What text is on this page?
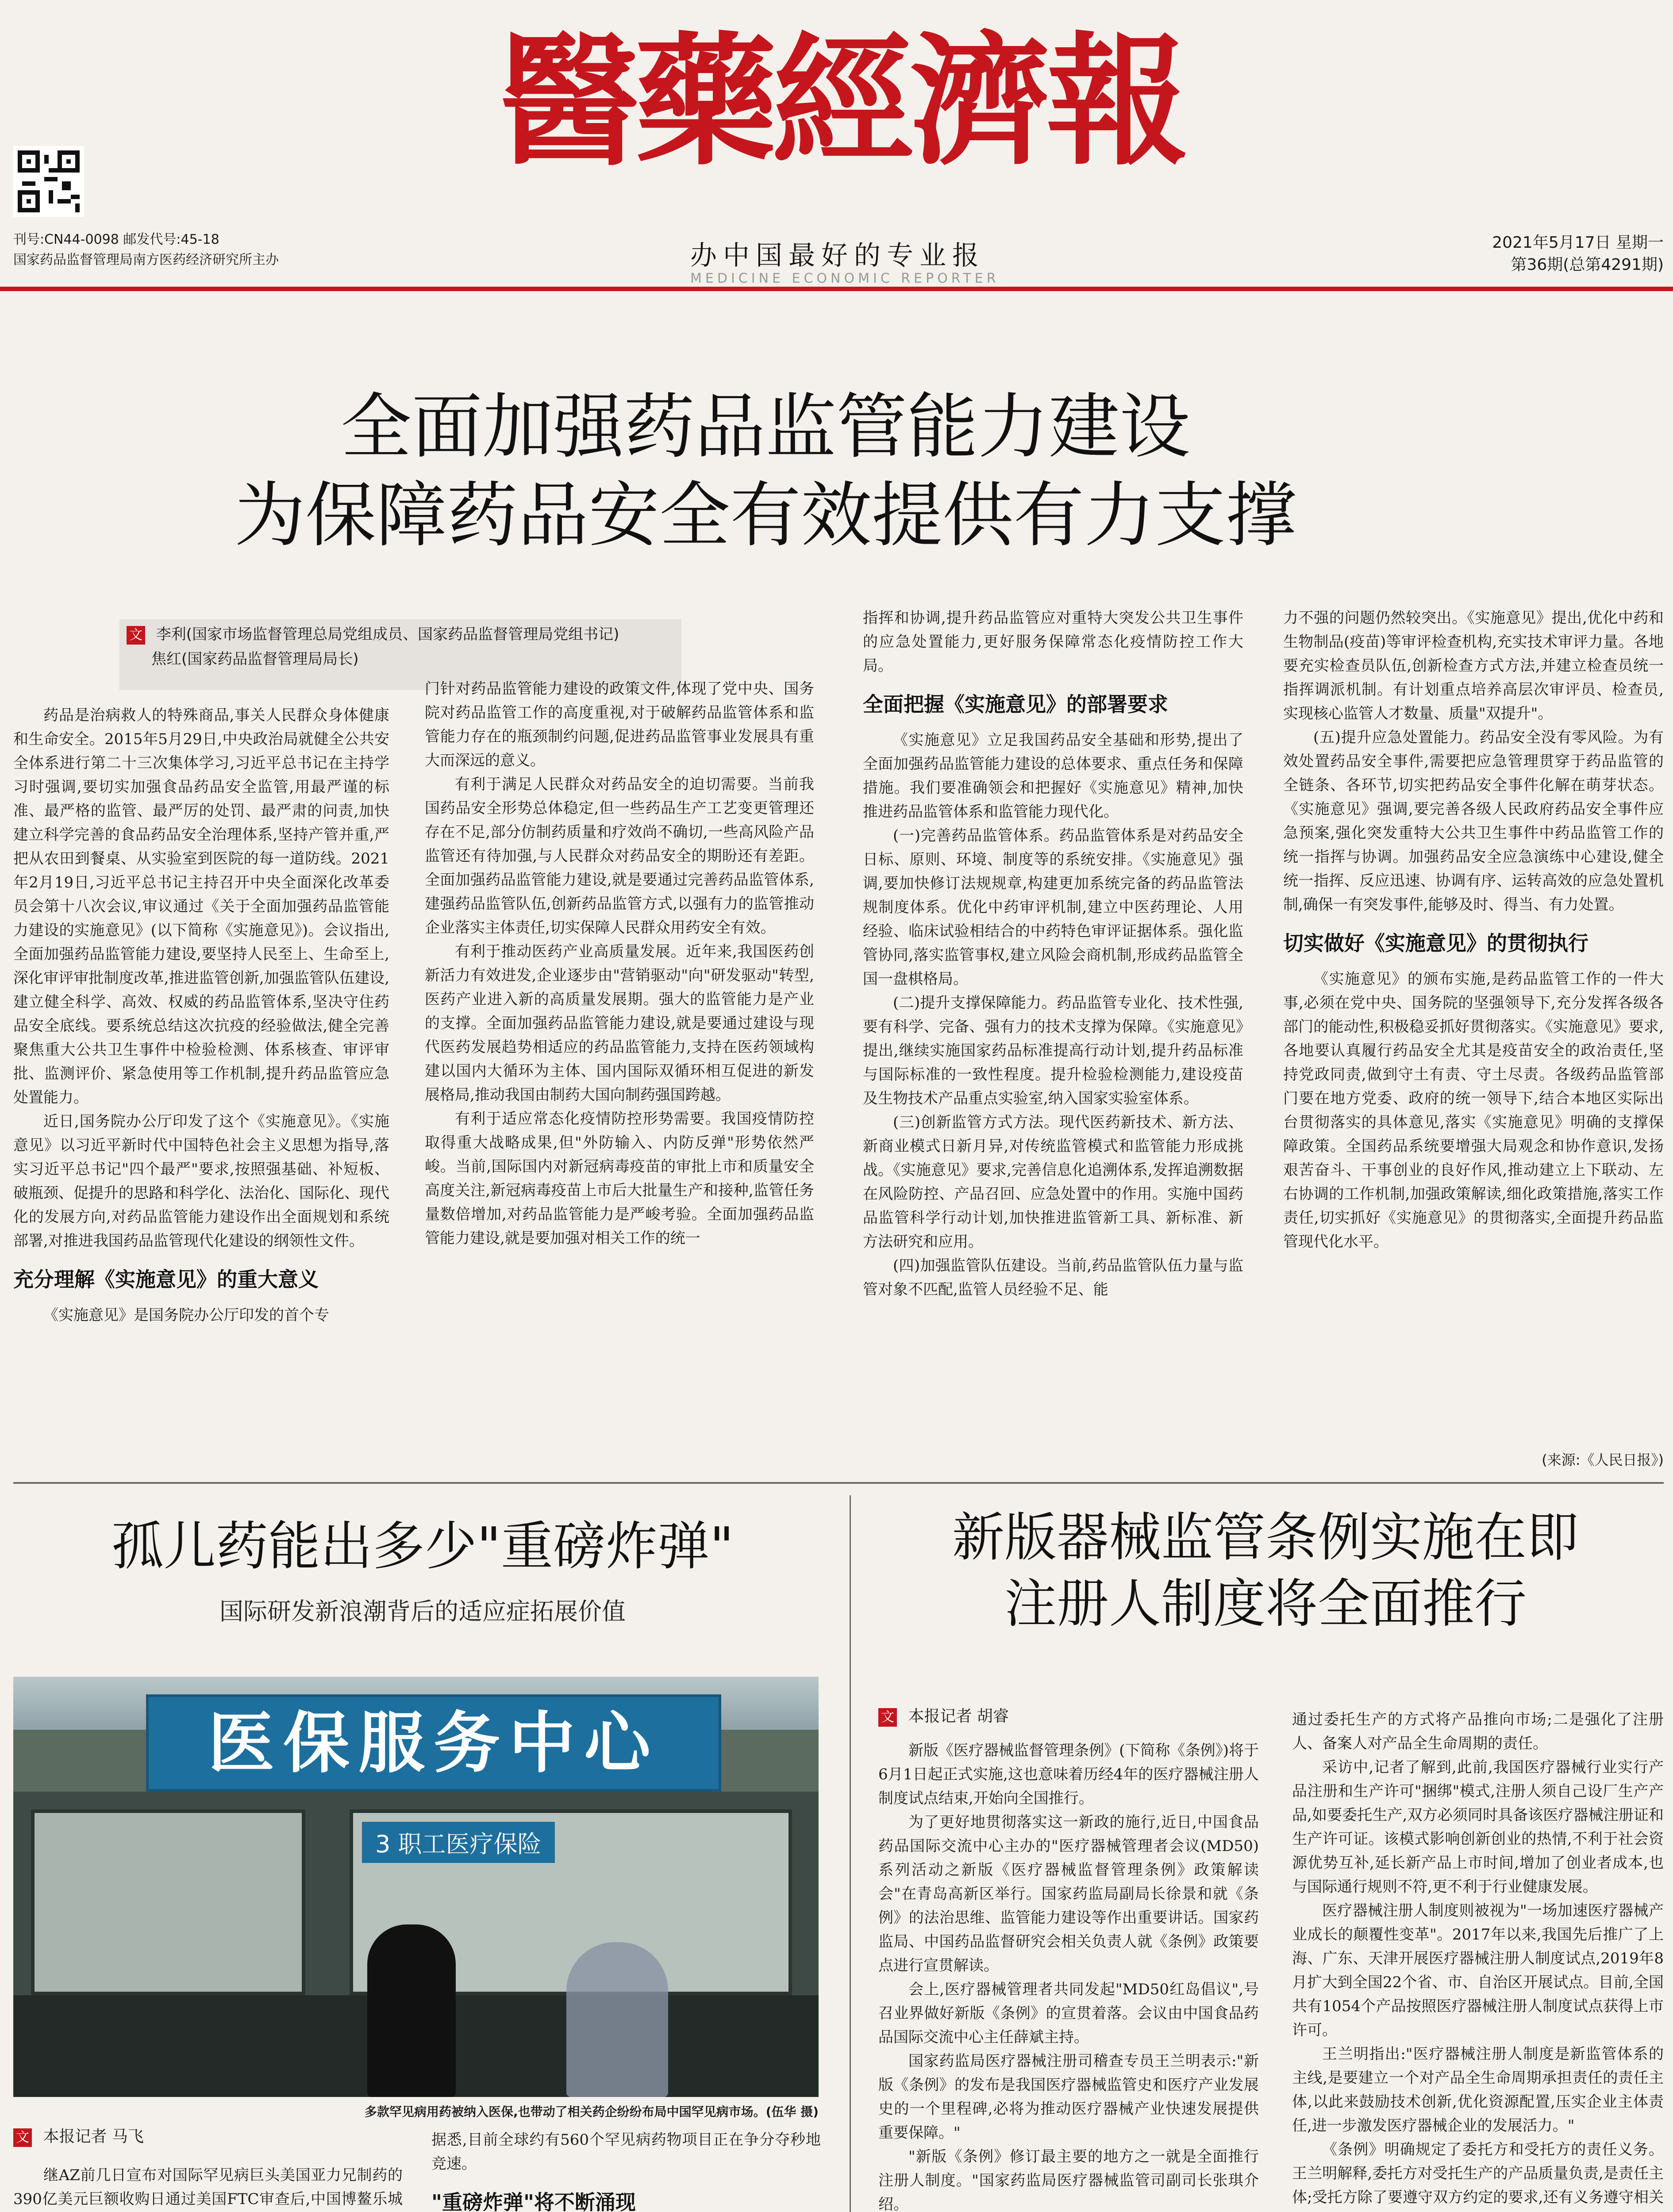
刊号:CN44-0098 邮发代号:45-18
国家药品监督管理局南方医药经济研究所主办
醫藥經濟報
办中国最好的专业报
MEDICINE ECONOMIC REPORTER
2021年5月17日 星期一
第36期(总第4291期)
全面加强药品监管能力建设
为保障药品安全有效提供有力支撑
文 李利(国家市场监督管理总局党组成员、国家药品监督管理局党组书记)
焦红(国家药品监督管理局局长)

药品是治病救人的特殊商品,事关人民群众身体健康和生命安全。2015年5月29日,中央政治局就健全公共安全体系进行第二十三次集体学习,习近平总书记在主持学习时强调,要切实加强食品药品安全监管,用最严谨的标准、最严格的监管、最严厉的处罚、最严肃的问责,加快建立科学完善的食品药品安全治理体系,坚持产管并重,严把从农田到餐桌、从实验室到医院的每一道防线。2021年2月19日,习近平总书记主持召开中央全面深化改革委员会第十八次会议,审议通过《关于全面加强药品监管能力建设的实施意见》(以下简称《实施意见》)。会议指出,全面加强药品监管能力建设,要坚持人民至上、生命至上,深化审评审批制度改革,推进监管创新,加强监管队伍建设,建立健全科学、高效、权威的药品监管体系,坚决守住药品安全底线。要系统总结这次抗疫的经验做法,健全完善聚焦重大公共卫生事件中检验检测、体系核查、审评审批、监测评价、紧急使用等工作机制,提升药品监管应急处置能力。

近日,国务院办公厅印发了这个《实施意见》。《实施意见》以习近平新时代中国特色社会主义思想为指导,落实习近平总书记"四个最严"要求,按照强基础、补短板、破瓶颈、促提升的思路和科学化、法治化、国际化、现代化的发展方向,对药品监管能力建设作出全面规划和系统部署,对推进我国药品监管现代化建设的纲领性文件。

充分理解《实施意见》的重大意义

《实施意见》是国务院办公厅印发的首个专

门针对药品监管能力建设的政策文件,体现了党中央、国务院对药品监管工作的高度重视,对于破解药品监管体系和监管能力存在的瓶颈制约问题,促进药品监管事业发展具有重大而深远的意义。

有利于满足人民群众对药品安全的迫切需要。当前我国药品安全形势总体稳定,但一些药品生产工艺变更管理还存在不足,部分仿制药质量和疗效尚不确切,一些高风险产品监管还有待加强,与人民群众对药品安全的期盼还有差距。全面加强药品监管能力建设,就是要通过完善药品监管体系,建强药品监管队伍,创新药品监管方式,以强有力的监管推动企业落实主体责任,切实保障人民群众用药安全有效。

有利于推动医药产业高质量发展。近年来,我国医药创新活力有效进发,企业逐步由"营销驱动"向"研发驱动"转型,医药产业进入新的高质量发展期。强大的监管能力是产业的支撑。全面加强药品监管能力建设,就是要通过建设与现代医药发展趋势相适应的药品监管能力,支持在医药领域构建以国内大循环为主体、国内国际双循环相互促进的新发展格局,推动我国由制药大国向制药强国跨越。

有利于适应常态化疫情防控形势需要。我国疫情防控取得重大战略成果,但"外防输入、内防反弹"形势依然严峻。当前,国际国内对新冠病毒疫苗的审批上市和质量安全高度关注,新冠病毒疫苗上市后大批量生产和接种,监管任务量数倍增加,对药品监管能力是严峻考验。全面加强药品监管能力建设,就是要加强对相关工作的统一

指挥和协调,提升药品监管应对重特大突发公共卫生事件的应急处置能力,更好服务保障常态化疫情防控工作大局。

全面把握《实施意见》的部署要求

《实施意见》立足我国药品安全基础和形势,提出了全面加强药品监管能力建设的总体要求、重点任务和保障措施。我们要准确领会和把握好《实施意见》精神,加快推进药品监管体系和监管能力现代化。

(一)完善药品监管体系。药品监管体系是对药品安全日标、原则、环境、制度等的系统安排。《实施意见》强调,要加快修订法规规章,构建更加系统完备的药品监管法规制度体系。优化中药审评机制,建立中医药理论、人用经验、临床试验相结合的中药特色审评证据体系。强化监管协同,落实监管事权,建立风险会商机制,形成药品监管全国一盘棋格局。

(二)提升支撑保障能力。药品监管专业化、技术性强,要有科学、完备、强有力的技术支撑为保障。《实施意见》提出,继续实施国家药品标准提高行动计划,提升药品标准与国际标准的一致性程度。提升检验检测能力,建设疫苗及生物技术产品重点实验室,纳入国家实验室体系。

(三)创新监管方式方法。现代医药新技术、新方法、新商业模式日新月异,对传统监管模式和监管能力形成挑战。《实施意见》要求,完善信息化追溯体系,发挥追溯数据在风险防控、产品召回、应急处置中的作用。实施中国药品监管科学行动计划,加快推进监管新工具、新标准、新方法研究和应用。

(四)加强监管队伍建设。当前,药品监管队伍力量与监管对象不匹配,监管人员经验不足、能

力不强的问题仍然较突出。《实施意见》提出,优化中药和生物制品(疫苗)等审评检查机构,充实技术审评力量。各地要充实检查员队伍,创新检查方式方法,并建立检查员统一指挥调派机制。有计划重点培养高层次审评员、检查员,实现核心监管人才数量、质量"双提升"。

(五)提升应急处置能力。药品安全没有零风险。为有效处置药品安全事件,需要把应急管理贯穿于药品监管的全链条、各环节,切实把药品安全事件化解在萌芽状态。《实施意见》强调,要完善各级人民政府药品安全事件应急预案,强化突发重特大公共卫生事件中药品监管工作的统一指挥与协调。加强药品安全应急演练中心建设,健全统一指挥、反应迅速、协调有序、运转高效的应急处置机制,确保一有突发事件,能够及时、得当、有力处置。

切实做好《实施意见》的贯彻执行

《实施意见》的颁布实施,是药品监管工作的一件大事,必须在党中央、国务院的坚强领导下,充分发挥各级各部门的能动性,积极稳妥抓好贯彻落实。《实施意见》要求,各地要认真履行药品安全尤其是疫苗安全的政治责任,坚持党政同责,做到守土有责、守土尽责。各级药品监管部门要在地方党委、政府的统一领导下,结合本地区实际出台贯彻落实的具体意见,落实《实施意见》明确的支撑保障政策。全国药品系统要增强大局观念和协作意识,发扬艰苦奋斗、干事创业的良好作风,推动建立上下联动、左右协调的工作机制,加强政策解读,细化政策措施,落实工作责任,切实抓好《实施意见》的贯彻落实,全面提升药品监管现代化水平。

(来源:《人民日报》)
孤儿药能出多少"重磅炸弹"
国际研发新浪潮背后的适应症拓展价值
医保服务中心
3 职工医疗保险
多款罕见病用药被纳入医保,也带动了相关药企纷纷布局中国罕见病市场。(伍华 摄)
文 本报记者 马飞

继AZ前几日宣布对国际罕见病巨头美国亚力兄制药的390亿美元巨额收购日通过美国FTC审查后,中国博鳌乐城

据悉,目前全球约有560个罕见病药物项目正在争分夺秒地竞速。

"重磅炸弹"将不断涌现

新版器械监管条例实施在即
注册人制度将全面推行
文 本报记者 胡睿

新版《医疗器械监督管理条例》(下简称《条例》)将于6月1日起正式实施,这也意味着历经4年的医疗器械注册人制度试点结束,开始向全国推行。

为了更好地贯彻落实这一新政的施行,近日,中国食品药品国际交流中心主办的"医疗器械管理者会议(MD50)系列活动之新版《医疗器械监督管理条例》政策解读会"在青岛高新区举行。国家药监局副局长徐景和就《条例》的法治思维、监管能力建设等作出重要讲话。国家药监局、中国药品监督研究会相关负责人就《条例》政策要点进行宣贯解读。

会上,医疗器械管理者共同发起"MD50红岛倡议",号召业界做好新版《条例》的宣贯着落。会议由中国食品药品国际交流中心主任薛斌主持。

国家药监局医疗器械注册司稽查专员王兰明表示:"新版《条例》的发布是我国医疗器械监管史和医疗产业发展史的一个里程碑,必将为推动医疗器械产业快速发展提供重要保障。"

"新版《条例》修订最主要的地方之一就是全面推行注册人制度。"国家药监局医疗器械监管司副司长张琪介绍。

通过委托生产的方式将产品推向市场;二是强化了注册人、备案人对产品全生命周期的责任。

采访中,记者了解到,此前,我国医疗器械行业实行产品注册和生产许可"捆绑"模式,注册人须自己设厂生产产品,如要委托生产,双方必须同时具备该医疗器械注册证和生产许可证。该模式影响创新创业的热情,不利于社会资源优势互补,延长新产品上市时间,增加了创业者成本,也与国际通行规则不符,更不利于行业健康发展。

医疗器械注册人制度则被视为"一场加速医疗器械产业成长的颠覆性变革"。2017年以来,我国先后推广了上海、广东、天津开展医疗器械注册人制度试点,2019年8月扩大到全国22个省、市、自治区开展试点。目前,全国共有1054个产品按照医疗器械注册人制度试点获得上市许可。

王兰明指出:"医疗器械注册人制度是新监管体系的主线,是要建立一个对产品全生命周期承担责任的责任主体,以此来鼓励技术创新,优化资源配置,压实企业主体责任,进一步激发医疗器械企业的发展活力。"

《条例》明确规定了委托方和受托方的责任义务。王兰明解释,委托方对受托生产的产品质量负责,是责任主体;受托方除了要遵守双方约定的要求,还有义务遵守相关
